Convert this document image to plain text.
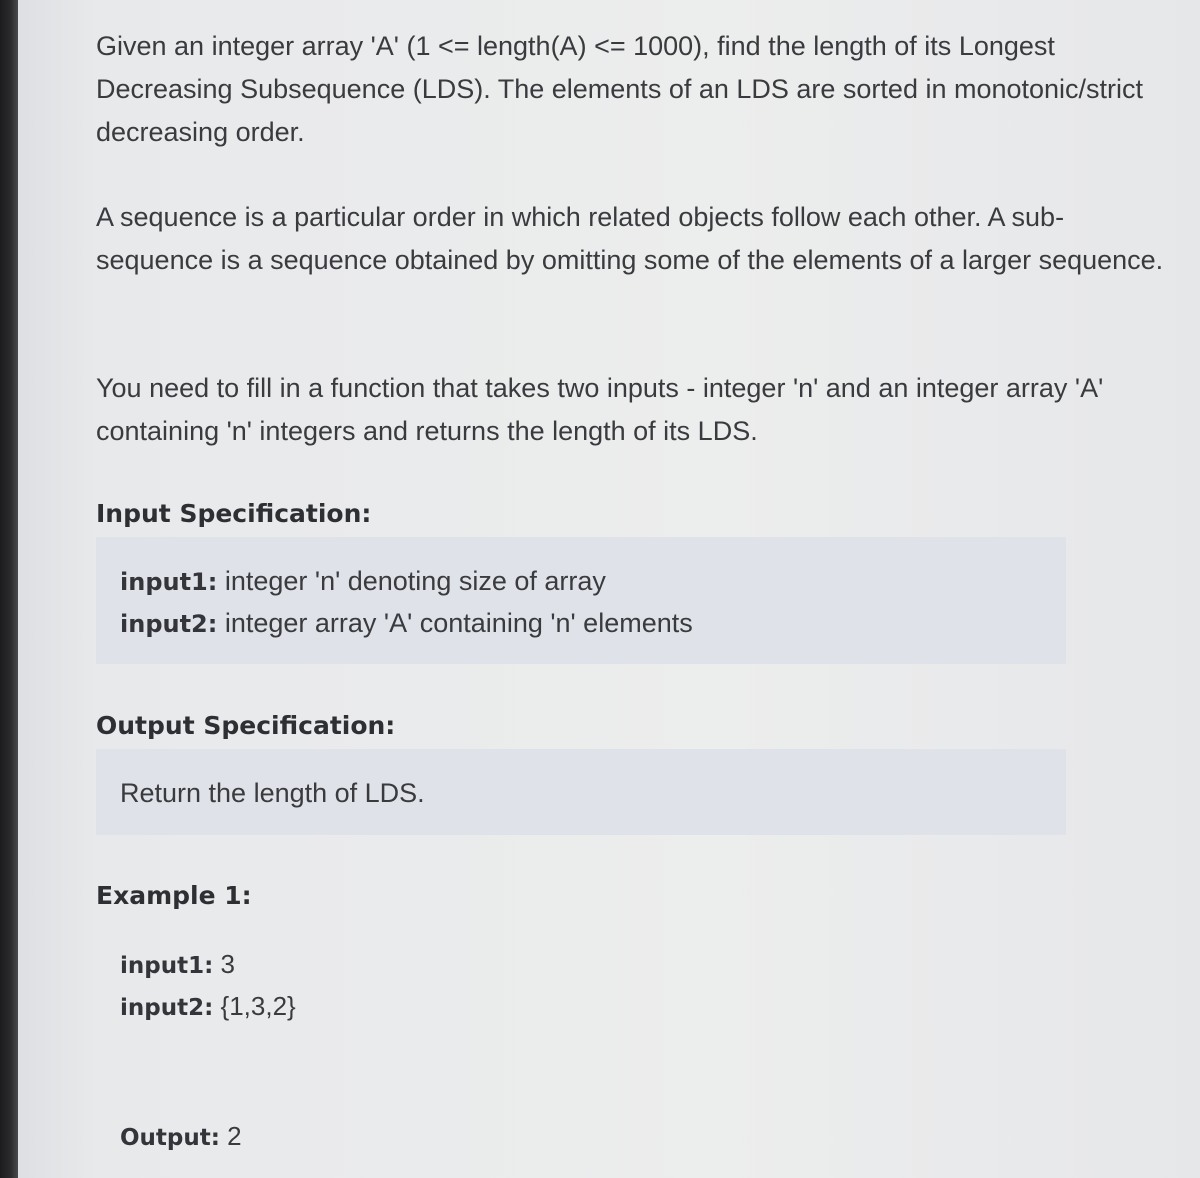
Given an integer array 'A' (1 <= length(A) <= 1000), find the length of its Longest Decreasing Subsequence (LDS). The elements of an LDS are sorted in monotonic/strict decreasing order.

A sequence is a particular order in which related objects follow each other. A sub-sequence is a sequence obtained by omitting some of the elements of a larger sequence.

You need to fill in a function that takes two inputs - integer 'n' and an integer array 'A' containing 'n' integers and returns the length of its LDS.

Input Specification:
input1: integer 'n' denoting size of array
input2: integer array 'A' containing 'n' elements
Output Specification:
Return the length of LDS.
Example 1:
input1: 3
input2: {1,3,2}
Output: 2
